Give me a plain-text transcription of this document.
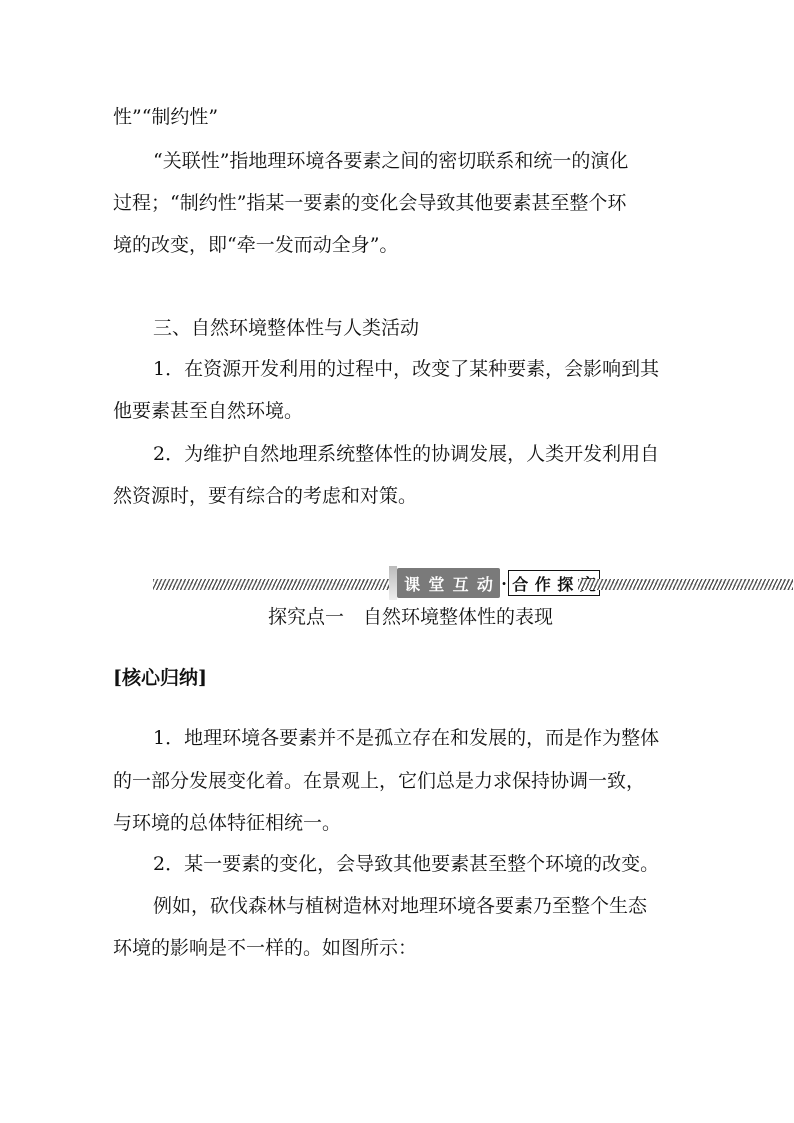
性”“制约性”

“关联性”指地理环境各要素之间的密切联系和统一的演化

过程；“制约性”指某一要素的变化会导致其他要素甚至整个环

境的改变，即“牵一发而动全身”。

三、自然环境整体性与人类活动

1．在资源开发利用的过程中，改变了某种要素，会影响到其

他要素甚至自然环境。

2．为维护自然地理系统整体性的协调发展，人类开发利用自

然资源时，要有综合的考虑和对策。

课 堂 互 动 · 合 作 探

探究点一　自然环境整体性的表现

[核心归纳]

1．地理环境各要素并不是孤立存在和发展的，而是作为整体

的一部分发展变化着。在景观上，它们总是力求保持协调一致，

与环境的总体特征相统一。

2．某一要素的变化，会导致其他要素甚至整个环境的改变。

例如，砍伐森林与植树造林对地理环境各要素乃至整个生态

环境的影响是不一样的。如图所示：
